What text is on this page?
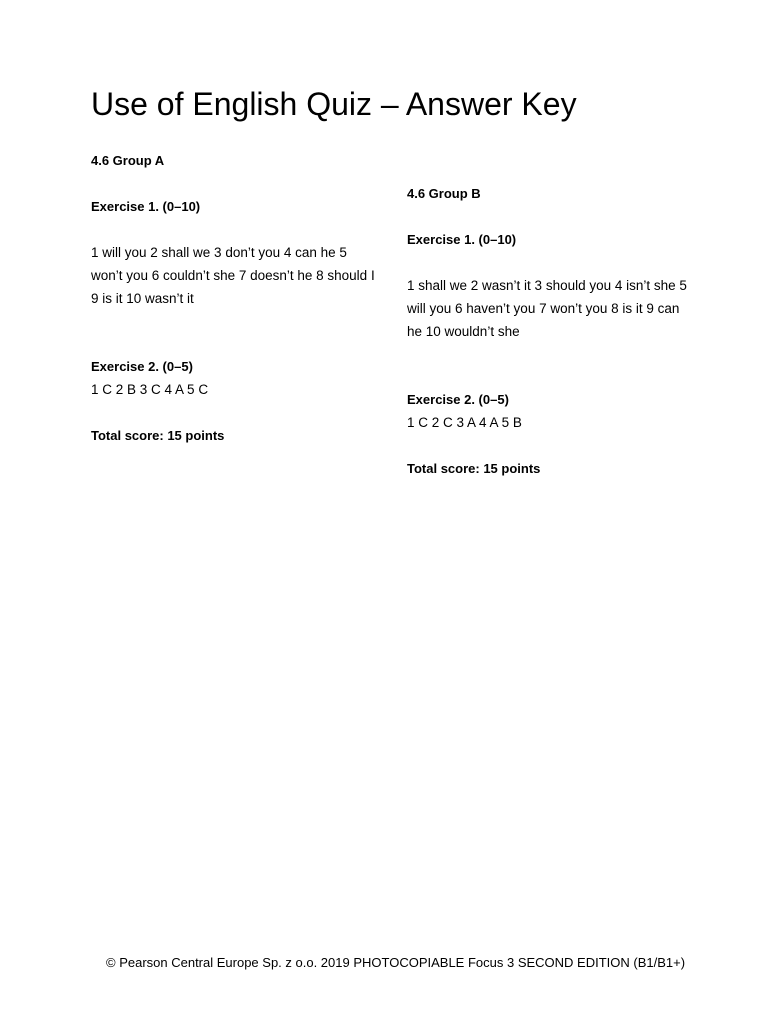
Use of English Quiz – Answer Key

4.6 Group A

Exercise 1. (0–10)

1 will you 2 shall we 3 don’t you 4 can he 5 won’t you 6 couldn’t she 7 doesn’t he 8 should I 9 is it 10 wasn’t it

Exercise 2. (0–5)

1 C 2 B 3 C 4 A 5 C

Total score: 15 points

4.6 Group B

Exercise 1. (0–10)

1 shall we 2 wasn’t it 3 should you 4 isn’t she 5 will you 6 haven’t you 7 won’t you 8 is it 9 can he 10 wouldn’t she

Exercise 2. (0–5)

1 C 2 C 3 A 4 A 5 B

Total score: 15 points

© Pearson Central Europe Sp. z o.o. 2019 PHOTOCOPIABLE Focus 3 SECOND EDITION (B1/B1+)
